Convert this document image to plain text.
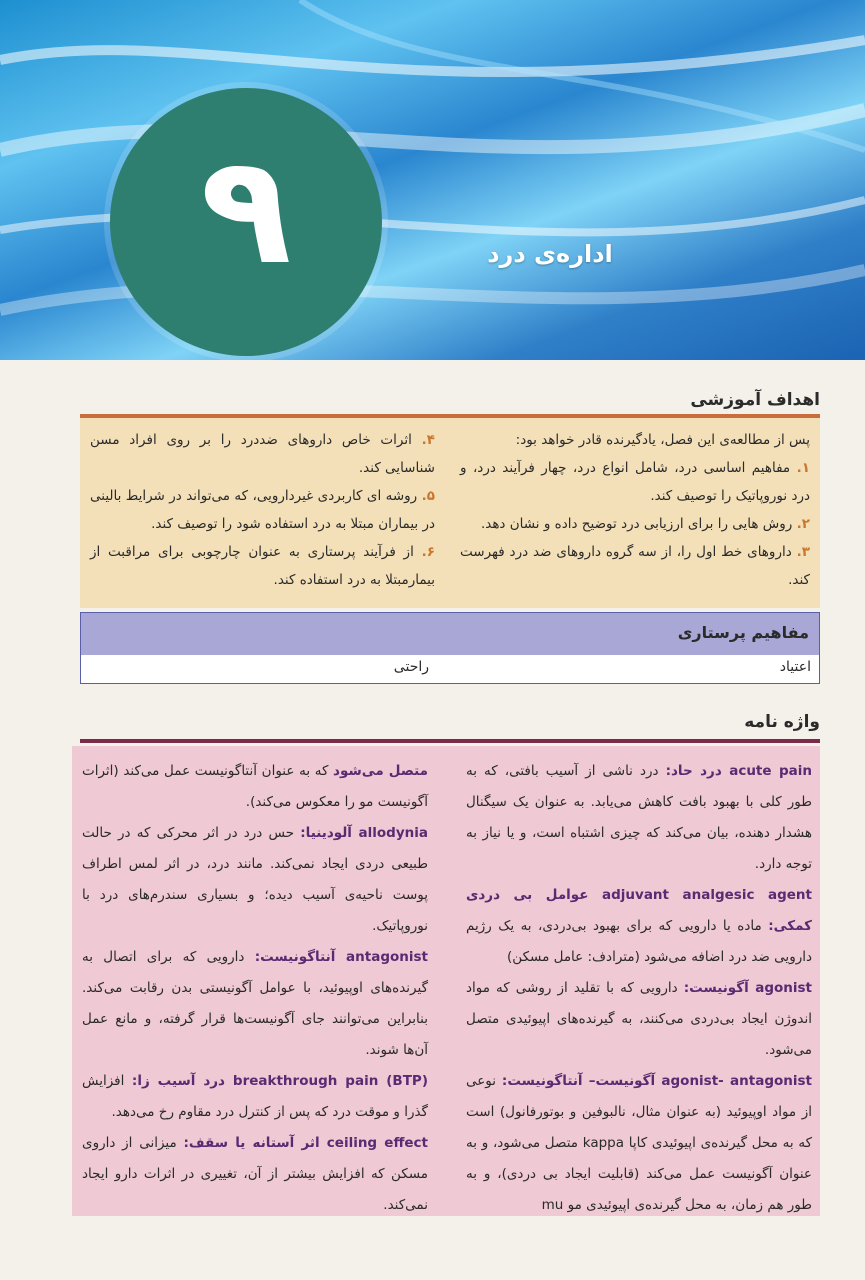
۹	اداره‌ی درد
اهداف آموزشی
پس از مطالعه‌ی این فصل، یادگیرنده قادر خواهد بود:
۱. مفاهیم اساسی درد، شامل انواع درد، چهار فرآیند درد، و درد نوروپاتیک را توصیف کند.
۲. روش هایی را برای ارزیابی درد توضیح داده و نشان دهد.
۳. داروهای خط اول را، از سه گروه داروهای ضد درد فهرست کند.
۴. اثرات خاص داروهای ضددرد را بر روی افراد مسن شناسایی کند.
۵. روشه ای کاربردی غیردارویی، که می‌تواند در شرایط بالینی در بیماران مبتلا به درد استفاده شود را توصیف کند.
۶. از فرآیند پرستاری به عنوان چارچوبی برای مراقبت از بیمارمبتلا به درد استفاده کند.
مفاهیم پرستاری
اعتیاد
راحتی
واژه نامه

acute pain درد حاد: درد ناشی از آسیب بافتی، که به طور کلی با بهبود بافت کاهش می‌یابد. به عنوان یک سیگنال هشدار دهنده، بیان می‌کند که چیزی اشتباه است، و یا نیاز به توجه دارد.

adjuvant analgesic agent عوامل بی دردی کمکی: ماده یا دارویی که برای بهبود بی‌دردی، به یک رژیم دارویی ضد درد اضافه می‌شود (مترادف: عامل مسکن)

agonist آگونیست: دارویی که با تقلید از روشی که مواد اندوژن ایجاد بی‌دردی می‌کنند، به گیرنده‌های اپیوئیدی متصل می‌شود.

agonist- antagonist آگونیست– آنتاگونیست: نوعی از مواد اوپیوئید (به عنوان مثال، نالبوفین و بوتورفانول) است که به محل گیرنده‌ی اپیوئیدی کاپا kappa متصل می‌شود، و به عنوان آگونیست عمل می‌کند (قابلیت ایجاد بی دردی)، و به طور هم زمان، به محل گیرنده‌ی اپیوئیدی مو mu

متصل می‌شود که به عنوان آنتاگونیست عمل می‌کند (اثرات آگونیست مو را معکوس می‌کند).

allodynia آلودینیا: حس درد در اثر محرکی که در حالت طبیعی دردی ایجاد نمی‌کند. مانند درد، در اثر لمس اطراف پوست ناحیه‌ی آسیب دیده؛ و بسیاری سندرم‌های درد با نوروپاتیک.

antagonist آنتاگونیست: دارویی که برای اتصال به گیرنده‌های اوپیوئید، با عوامل آگونیستی بدن رقابت می‌کند. بنابراین می‌توانند جای آگونیست‌ها قرار گرفته، و مانع عمل آن‌ها شوند.

breakthrough pain (BTP) درد آسیب زا: افزایش گذرا و موقت درد که پس از کنترل درد مقاوم رخ می‌دهد.

ceiling effect اثر آستانه یا سقف: میزانی از داروی مسکن که افزایش بیشتر از آن، تغییری در اثرات دارو ایجاد نمی‌کند.
